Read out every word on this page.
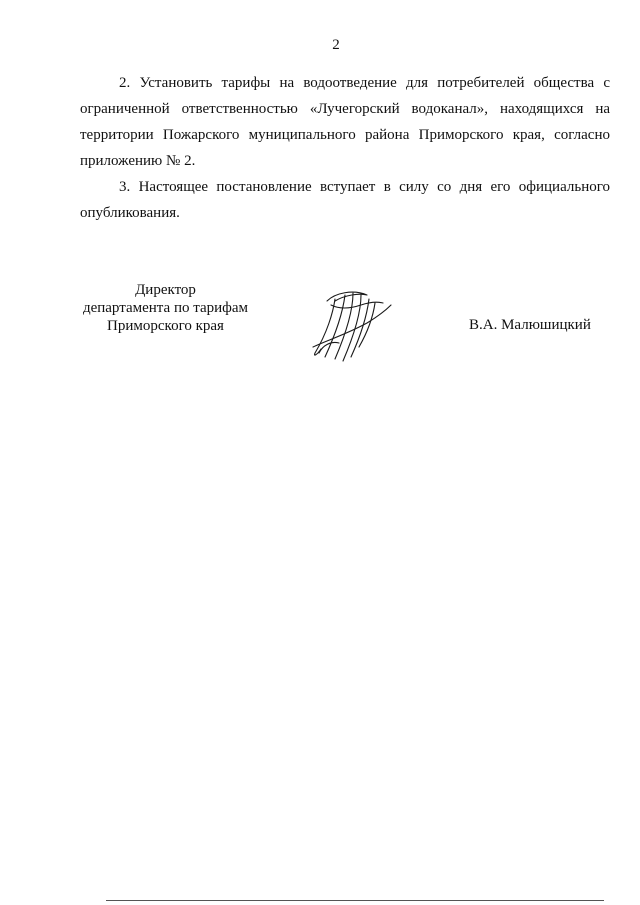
2

2. Установить тарифы на водоотведение для потребителей общества с ограниченной ответственностью «Лучегорский водоканал», находящихся на территории Пожарского муниципального района Приморского края, согласно приложению № 2.

3. Настоящее постановление вступает в силу со дня его официального опубликования.

Директор
департамента по тарифам
Приморского края	В.А. Малюшицкий
